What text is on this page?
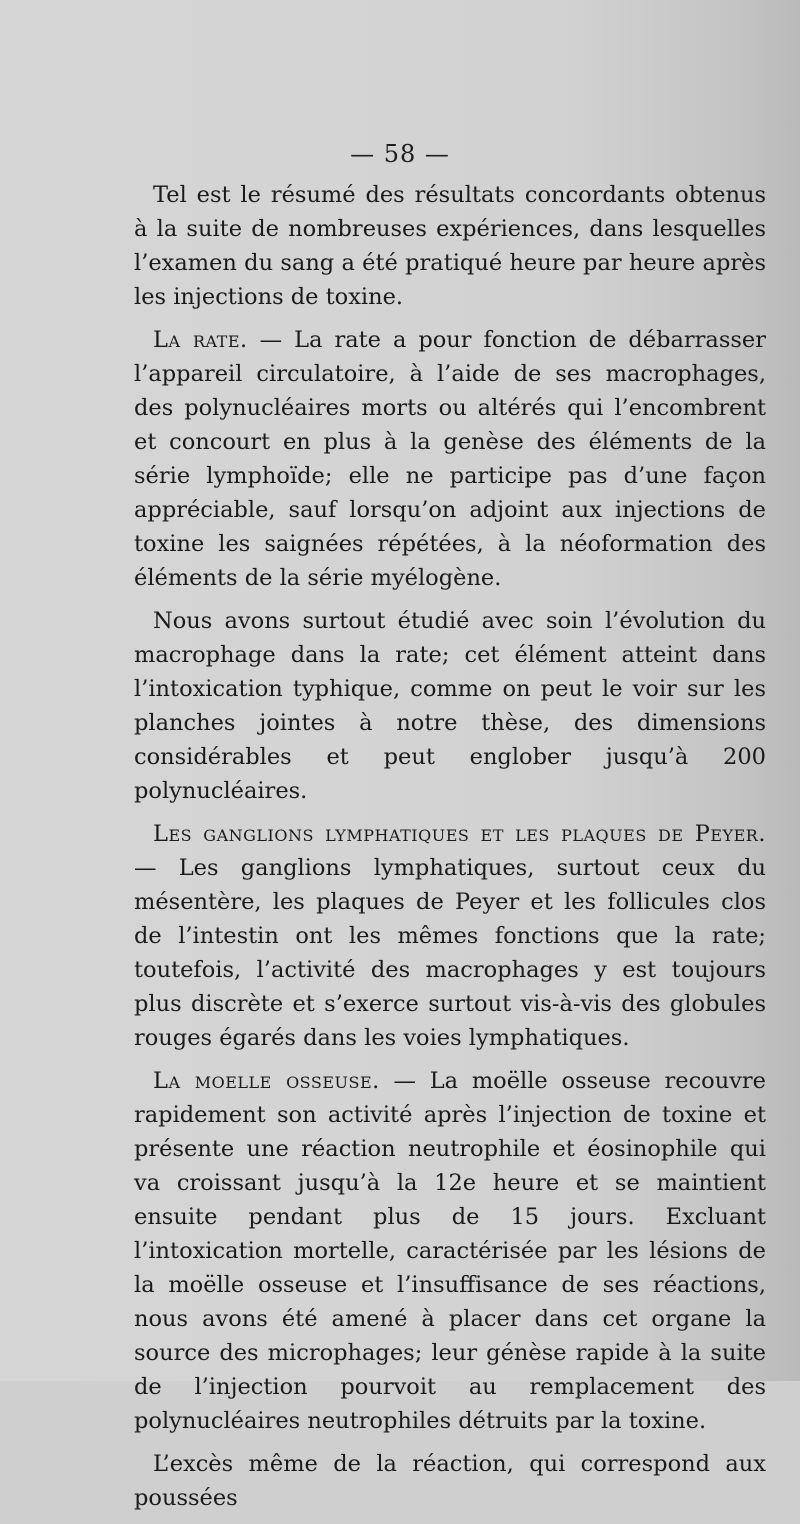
— 58 —

Tel est le résumé des résultats concordants obtenus à la suite de nombreuses expériences, dans lesquelles l’examen du sang a été pratiqué heure par heure après les injections de toxine.

La rate. — La rate a pour fonction de débarrasser l’appareil circulatoire, à l’aide de ses macrophages, des polynucléaires morts ou altérés qui l’encombrent et concourt en plus à la genèse des éléments de la série lymphoïde; elle ne participe pas d’une façon appréciable, sauf lorsqu’on adjoint aux injections de toxine les saignées répétées, à la néoformation des éléments de la série myélogène.

Nous avons surtout étudié avec soin l’évolution du macrophage dans la rate; cet élément atteint dans l’intoxication typhique, comme on peut le voir sur les planches jointes à notre thèse, des dimensions considérables et peut englober jusqu’à 200 polynucléaires.

Les ganglions lymphatiques et les plaques de Peyer. — Les ganglions lymphatiques, surtout ceux du mésentère, les plaques de Peyer et les follicules clos de l’intestin ont les mêmes fonctions que la rate; toutefois, l’activité des macrophages y est toujours plus discrète et s’exerce surtout vis-à-vis des globules rouges égarés dans les voies lymphatiques.

La moelle osseuse. — La moëlle osseuse recouvre rapidement son activité après l’injection de toxine et présente une réaction neutrophile et éosinophile qui va croissant jusqu’à la 12e heure et se maintient ensuite pendant plus de 15 jours. Excluant l’intoxication mortelle, caractérisée par les lésions de la moëlle osseuse et l’insuffisance de ses réactions, nous avons été amené à placer dans cet organe la source des microphages; leur génèse rapide à la suite de l’injection pourvoit au remplacement des polynucléaires neutrophiles détruits par la toxine.

L’excès même de la réaction, qui correspond aux poussées
